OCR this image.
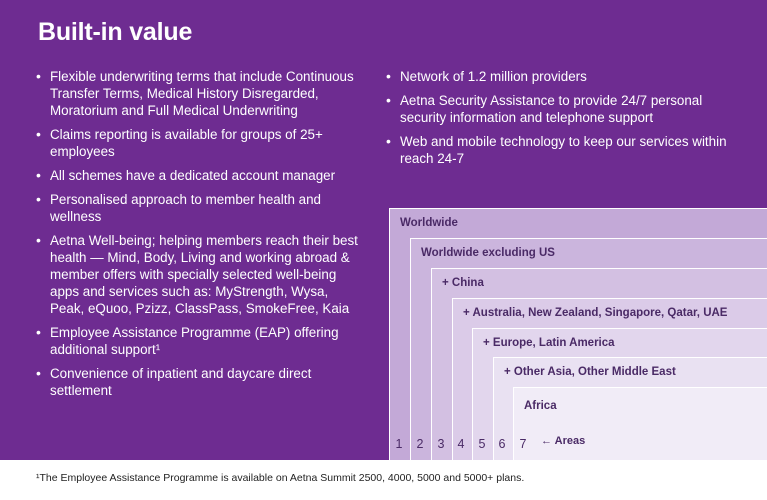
Built-in value
• Flexible underwriting terms that include Continuous Transfer Terms, Medical History Disregarded, Moratorium and Full Medical Underwriting
• Claims reporting is available for groups of 25+ employees
• All schemes have a dedicated account manager
• Personalised approach to member health and wellness
• Aetna Well-being; helping members reach their best health — Mind, Body, Living and working abroad & member offers with specially selected well-being apps and services such as: MyStrength, Wysa, Peak, eQuoo, Pzizz, ClassPass, SmokeFree, Kaia
• Employee Assistance Programme (EAP) offering additional support¹
• Convenience of inpatient and daycare direct settlement
• Network of 1.2 million providers
• Aetna Security Assistance to provide 24/7 personal security information and telephone support
• Web and mobile technology to keep our services within reach 24-7
Worldwide
Worldwide excluding US
+ China
+ Australia, New Zealand, Singapore, Qatar, UAE
+ Europe, Latin America
+ Other Asia, Other Middle East
Africa
1	2	3	4	5	6	7	← Areas
¹The Employee Assistance Programme is available on Aetna Summit 2500, 4000, 5000 and 5000+ plans.
